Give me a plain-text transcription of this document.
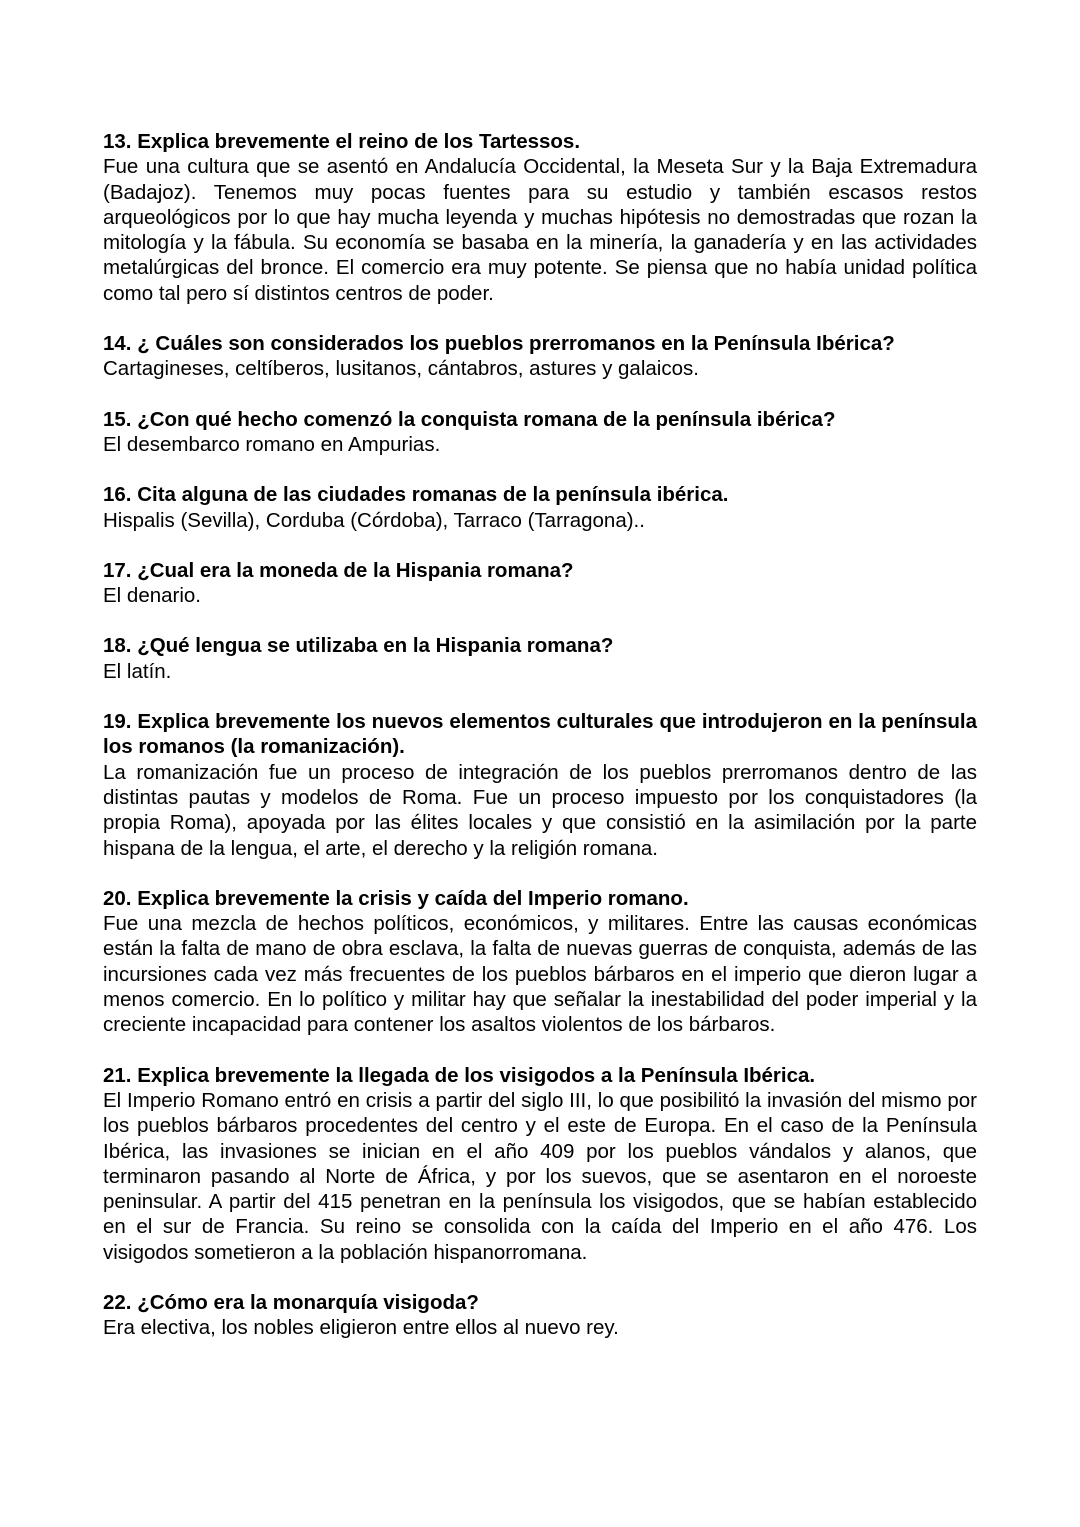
13. Explica brevemente el reino de los Tartessos.

Fue una cultura que se asentó en Andalucía Occidental, la Meseta Sur y la Baja Extremadura (Badajoz). Tenemos muy pocas fuentes para su estudio y también escasos restos arqueológicos por lo que hay mucha leyenda y muchas hipótesis no demostradas que rozan la mitología y la fábula. Su economía se basaba en la minería, la ganadería y en las actividades metalúrgicas del bronce. El comercio era muy potente. Se piensa que no había unidad política como tal pero sí distintos centros de poder.

14. ¿ Cuáles son considerados los pueblos prerromanos en la Península Ibérica?

Cartagineses, celtíberos, lusitanos, cántabros, astures y galaicos.

15. ¿Con qué hecho comenzó la conquista romana de la península ibérica?

El desembarco romano en Ampurias.

16. Cita alguna de las ciudades romanas de la península ibérica.

Hispalis (Sevilla), Corduba (Córdoba), Tarraco (Tarragona)..

17. ¿Cual era la moneda de la Hispania romana?

El denario.

18. ¿Qué lengua se utilizaba en la Hispania romana?

El latín.

19. Explica brevemente los nuevos elementos culturales que introdujeron en la península los romanos (la romanización).

La romanización fue un proceso de integración de los pueblos prerromanos dentro de las distintas pautas y modelos de Roma. Fue un proceso impuesto por los conquistadores (la propia Roma), apoyada por las élites locales y que consistió en la asimilación por la parte hispana de la lengua, el arte, el derecho y la religión romana.

20. Explica brevemente la crisis y caída del Imperio romano.

Fue una mezcla de hechos políticos, económicos, y militares. Entre las causas económicas están la falta de mano de obra esclava, la falta de nuevas guerras de conquista, además de las incursiones cada vez más frecuentes de los pueblos bárbaros en el imperio que dieron lugar a menos comercio. En lo político y militar hay que señalar la inestabilidad del poder imperial y la creciente incapacidad para contener los asaltos violentos de los bárbaros.

21. Explica brevemente la llegada de los visigodos a la Península Ibérica.

El Imperio Romano entró en crisis a partir del siglo III, lo que posibilitó la invasión del mismo por los pueblos bárbaros procedentes del centro y el este de Europa. En el caso de la Península Ibérica, las invasiones se inician en el año 409 por los pueblos vándalos y alanos, que terminaron pasando al Norte de África, y por los suevos, que se asentaron en el noroeste peninsular. A partir del 415 penetran en la península los visigodos, que se habían establecido en el sur de Francia. Su reino se consolida con la caída del Imperio en el año 476. Los visigodos sometieron a la población hispanorromana.

22. ¿Cómo era la monarquía visigoda?

Era electiva, los nobles eligieron entre ellos al nuevo rey.
